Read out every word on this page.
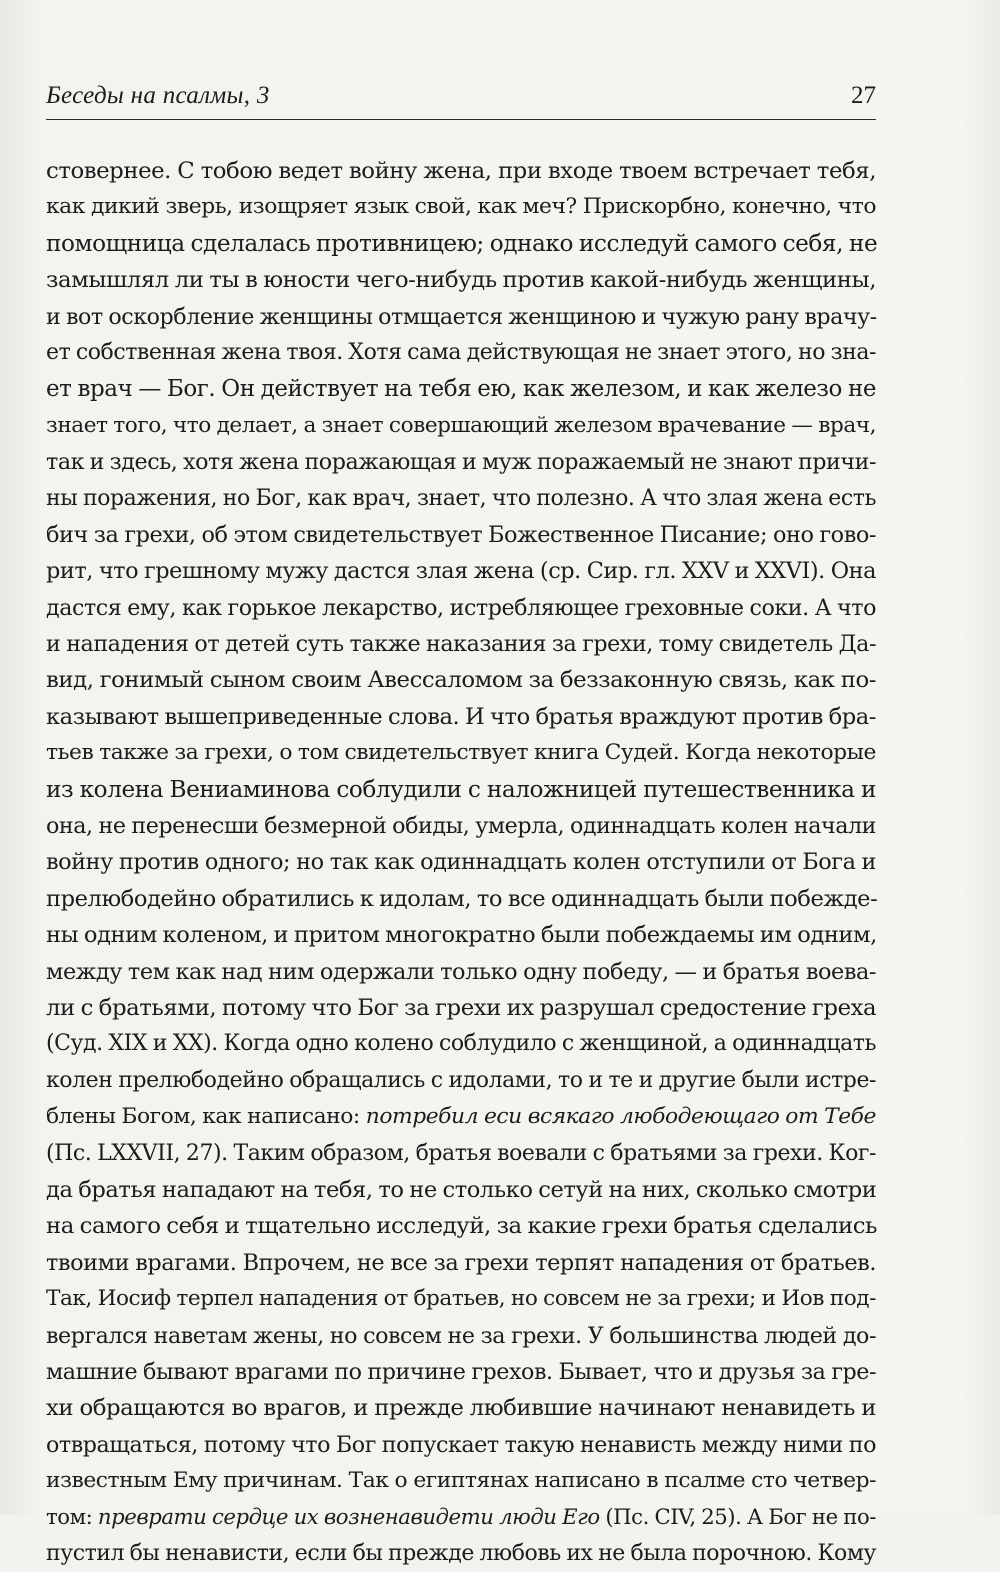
Беседы на псалмы, 3	27
стовернее. С тобою ведет войну жена, при входе твоем встречает тебя,
как дикий зверь, изощряет язык свой, как меч? Прискорбно, конечно, что
помощница сделалась противницею; однако исследуй самого себя, не
замышлял ли ты в юности чего-нибудь против какой-нибудь женщины,
и вот оскорбление женщины отмщается женщиною и чужую рану врачу-
ет собственная жена твоя. Хотя сама действующая не знает этого, но зна-
ет врач — Бог. Он действует на тебя ею, как железом, и как железо не
знает того, что делает, а знает совершающий железом врачевание — врач,
так и здесь, хотя жена поражающая и муж поражаемый не знают причи-
ны поражения, но Бог, как врач, знает, что полезно. А что злая жена есть
бич за грехи, об этом свидетельствует Божественное Писание; оно гово-
рит, что грешному мужу дастся злая жена (ср. Сир. гл. XXV и XXVI). Она
дастся ему, как горькое лекарство, истребляющее греховные соки. А что
и нападения от детей суть также наказания за грехи, тому свидетель Да-
вид, гонимый сыном своим Авессаломом за беззаконную связь, как по-
казывают вышеприведенные слова. И что братья враждуют против бра-
тьев также за грехи, о том свидетельствует книга Судей. Когда некоторые
из колена Вениаминова соблудили с наложницей путешественника и
она, не перенесши безмерной обиды, умерла, одиннадцать колен начали
войну против одного; но так как одиннадцать колен отступили от Бога и
прелюбодейно обратились к идолам, то все одиннадцать были побежде-
ны одним коленом, и притом многократно были побеждаемы им одним,
между тем как над ним одержали только одну победу, — и братья воева-
ли с братьями, потому что Бог за грехи их разрушал средостение греха
(Суд. XIX и XX). Когда одно колено соблудило с женщиной, а одиннадцать
колен прелюбодейно обращались с идолами, то и те и другие были истре-
блены Богом, как написано: потребил еси всякаго любодеющаго от Тебе
(Пс. LXXVII, 27). Таким образом, братья воевали с братьями за грехи. Ког-
да братья нападают на тебя, то не столько сетуй на них, сколько смотри
на самого себя и тщательно исследуй, за какие грехи братья сделались
твоими врагами. Впрочем, не все за грехи терпят нападения от братьев.
Так, Иосиф терпел нападения от братьев, но совсем не за грехи; и Иов под-
вергался наветам жены, но совсем не за грехи. У большинства людей до-
машние бывают врагами по причине грехов. Бывает, что и друзья за гре-
хи обращаются во врагов, и прежде любившие начинают ненавидеть и
отвращаться, потому что Бог попускает такую ненависть между ними по
известным Ему причинам. Так о египтянах написано в псалме сто четвер-
том: преврати сердце их возненавидети люди Его (Пс. CIV, 25). А Бог не по-
пустил бы ненависти, если бы прежде любовь их не была порочною. Кому
